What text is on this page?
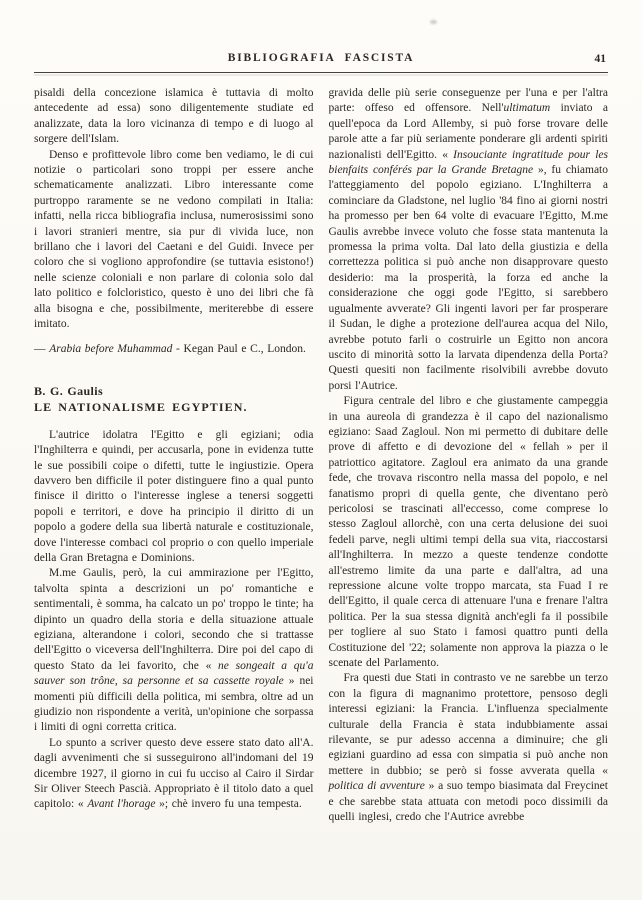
BIBLIOGRAFIA FASCISTA	41

pisaldi della concezione islamica è tuttavia di molto antecedente ad essa) sono diligentemente studiate ed analizzate, data la loro vicinanza di tempo e di luogo al sorgere dell'Islam.

Denso e profittevole libro come ben vediamo, le di cui notizie o particolari sono troppi per essere anche schematicamente analizzati. Libro interessante come purtroppo raramente se ne vedono compilati in Italia: infatti, nella ricca bibliografia inclusa, numerosissimi sono i lavori stranieri mentre, sia pur di vivida luce, non brillano che i lavori del Caetani e del Guidi. Invece per coloro che si vogliono approfondire (se tuttavia esistono!) nelle scienze coloniali e non parlare di colonia solo dal lato politico e folcloristico, questo è uno dei libri che fà alla bisogna e che, possibilmente, meriterebbe di essere imitato.

— Arabia before Muhammad - Kegan Paul e C., London.

B. G. Gaulis

LE NATIONALISME EGYPTIEN.

L'autrice idolatra l'Egitto e gli egiziani; odia l'Inghilterra e quindi, per accusarla, pone in evidenza tutte le sue possibili coipe o difetti, tutte le ingiustizie. Opera davvero ben difficile il poter distinguere fino a qual punto finisce il diritto o l'interesse inglese a tenersi soggetti popoli e territori, e dove ha principio il diritto di un popolo a godere della sua libertà naturale e costituzionale, dove l'interesse combaci col proprio o con quello imperiale della Gran Bretagna e Dominions.

M.me Gaulis, però, la cui ammirazione per l'Egitto, talvolta spinta a descrizioni un po' romantiche e sentimentali, è somma, ha calcato un po' troppo le tinte; ha dipinto un quadro della storia e della situazione attuale egiziana, alterandone i colori, secondo che si trattasse dell'Egitto o viceversa dell'Inghilterra. Dire poi del capo di questo Stato da lei favorito, che « ne songeait a qu'a sauver son trône, sa personne et sa cassette royale » nei momenti più difficili della politica, mi sembra, oltre ad un giudizio non rispondente a verità, un'opinione che sorpassa i limiti di ogni corretta critica.

Lo spunto a scriver questo deve essere stato dato all'A. dagli avvenimenti che si susseguirono all'indomani del 19 dicembre 1927, il giorno in cui fu ucciso al Cairo il Sirdar Sir Oliver Steech Pascià. Appropriato è il titolo dato a quel capitolo: « Avant l'horage »; chè invero fu una tempesta.

gravida delle più serie conseguenze per l'una e per l'altra parte: offeso ed offensore. Nell'ultimatum inviato a quell'epoca da Lord Allemby, si può forse trovare delle parole atte a far più seriamente ponderare gli ardenti spiriti nazionalisti dell'Egitto. « Insouciante ingratitude pour les bienfaits conférés par la Grande Bretagne », fu chiamato l'atteggiamento del popolo egiziano. L'Inghilterra a cominciare da Gladstone, nel luglio '84 fino ai giorni nostri ha promesso per ben 64 volte di evacuare l'Egitto, M.me Gaulis avrebbe invece voluto che fosse stata mantenuta la promessa la prima volta. Dal lato della giustizia e della correttezza politica si può anche non disapprovare questo desiderio: ma la prosperità, la forza ed anche la considerazione che oggi gode l'Egitto, si sarebbero ugualmente avverate? Gli ingenti lavori per far prosperare il Sudan, le dighe a protezione dell'aurea acqua del Nilo, avrebbe potuto farli o costruirle un Egitto non ancora uscito di minorità sotto la larvata dipendenza della Porta? Questi quesiti non facilmente risolvibili avrebbe dovuto porsi l'Autrice.

Figura centrale del libro e che giustamente campeggia in una aureola di grandezza è il capo del nazionalismo egiziano: Saad Zagloul. Non mi permetto di dubitare delle prove di affetto e di devozione del « fellah » per il patriottico agitatore. Zagloul era animato da una grande fede, che trovava riscontro nella massa del popolo, e nel fanatismo propri di quella gente, che diventano però pericolosi se trascinati all'eccesso, come comprese lo stesso Zagloul allorchè, con una certa delusione dei suoi fedeli parve, negli ultimi tempi della sua vita, riaccostarsi all'Inghilterra. In mezzo a queste tendenze condotte all'estremo limite da una parte e dall'altra, ad una repressione alcune volte troppo marcata, sta Fuad I re dell'Egitto, il quale cerca di attenuare l'una e frenare l'altra politica. Per la sua stessa dignità anch'egli fa il possibile per togliere al suo Stato i famosi quattro punti della Costituzione del '22; solamente non approva la piazza o le scenate del Parlamento.

Fra questi due Stati in contrasto ve ne sarebbe un terzo con la figura di magnanimo protettore, pensoso degli interessi egiziani: la Francia. L'influenza specialmente culturale della Francia è stata indubbiamente assai rilevante, se pur adesso accenna a diminuire; che gli egiziani guardino ad essa con simpatia si può anche non mettere in dubbio; se però si fosse avverata quella « politica di avventure » a suo tempo biasimata dal Freycinet e che sarebbe stata attuata con metodi poco dissimili da quelli inglesi, credo che l'Autrice avrebbe
